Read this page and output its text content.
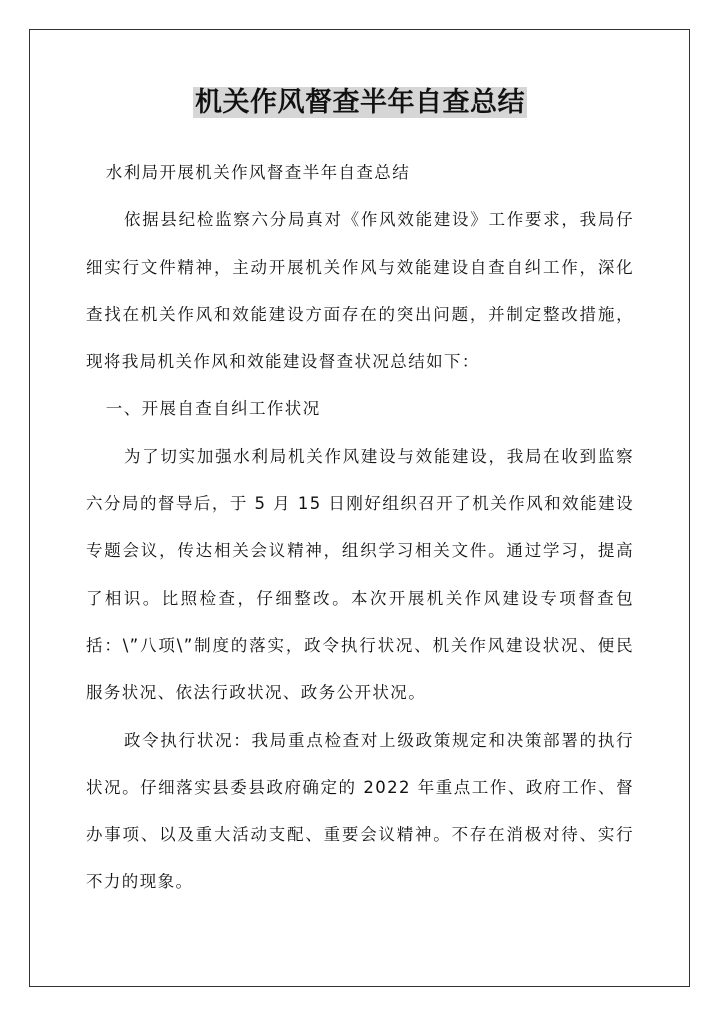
机关作风督查半年自查总结

水利局开展机关作风督查半年自查总结

依据县纪检监察六分局真对《作风效能建设》工作要求，我局仔细实行文件精神，主动开展机关作风与效能建设自查自纠工作，深化查找在机关作风和效能建设方面存在的突出问题，并制定整改措施，现将我局机关作风和效能建设督查状况总结如下：

一、开展自查自纠工作状况

为了切实加强水利局机关作风建设与效能建设，我局在收到监察六分局的督导后，于 5 月 15 日刚好组织召开了机关作风和效能建设专题会议，传达相关会议精神，组织学习相关文件。通过学习，提高了相识。比照检查，仔细整改。本次开展机关作风建设专项督查包括：\”八项\”制度的落实，政令执行状况、机关作风建设状况、便民服务状况、依法行政状况、政务公开状况。

政令执行状况：我局重点检查对上级政策规定和决策部署的执行状况。仔细落实县委县政府确定的 2022 年重点工作、政府工作、督办事项、以及重大活动支配、重要会议精神。不存在消极对待、实行不力的现象。
